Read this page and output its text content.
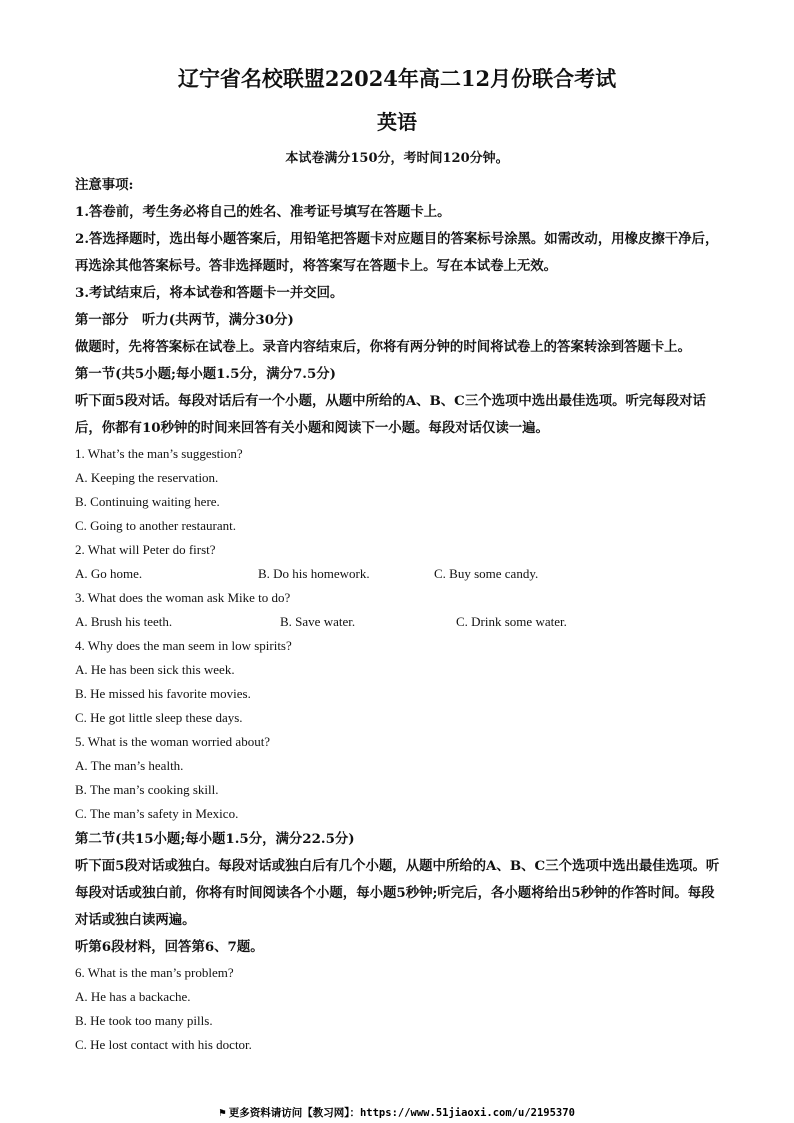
辽宁省名校联盟22024年高二12月份联合考试
英语
本试卷满分150分，考时间120分钟。

注意事项:

1.答卷前，考生务必将自己的姓名、准考证号填写在答题卡上。

2.答选择题时，选出每小题答案后，用铅笔把答题卡对应题目的答案标号涂黑。如需改动，用橡皮擦干净后，再选涂其他答案标号。答非选择题时，将答案写在答题卡上。写在本试卷上无效。

3.考试结束后，将本试卷和答题卡一并交回。

第一部分　听力(共两节，满分30分)

做题时，先将答案标在试卷上。录音内容结束后，你将有两分钟的时间将试卷上的答案转涂到答题卡上。

第一节(共5小题;每小题1.5分，满分7.5分)

听下面5段对话。每段对话后有一个小题，从题中所给的A、B、C三个选项中选出最佳选项。听完每段对话后，你都有10秒钟的时间来回答有关小题和阅读下一小题。每段对话仅读一遍。

1. What’s the man’s suggestion?

A. Keeping the reservation.

B. Continuing waiting here.

C. Going to another restaurant.

2. What will Peter do first?

A. Go home.	B. Do his homework.	C. Buy some candy.

3. What does the woman ask Mike to do?

A. Brush his teeth.	B. Save water.	C. Drink some water.

4. Why does the man seem in low spirits?

A. He has been sick this week.

B. He missed his favorite movies.

C. He got little sleep these days.

5. What is the woman worried about?

A. The man’s health.

B. The man’s cooking skill.

C. The man’s safety in Mexico.

第二节(共15小题;每小题1.5分，满分22.5分)

听下面5段对话或独白。每段对话或独白后有几个小题，从题中所给的A、B、C三个选项中选出最佳选项。听每段对话或独白前，你将有时间阅读各个小题，每小题5秒钟;听完后，各小题将给出5秒钟的作答时间。每段对话或独白读两遍。

听第6段材料，回答第6、7题。

6. What is the man’s problem?

A. He has a backache.

B. He took too many pills.

C. He lost contact with his doctor.

⚑ 更多资料请访问【教习网】：https://www.51jiaoxi.com/u/2195370
